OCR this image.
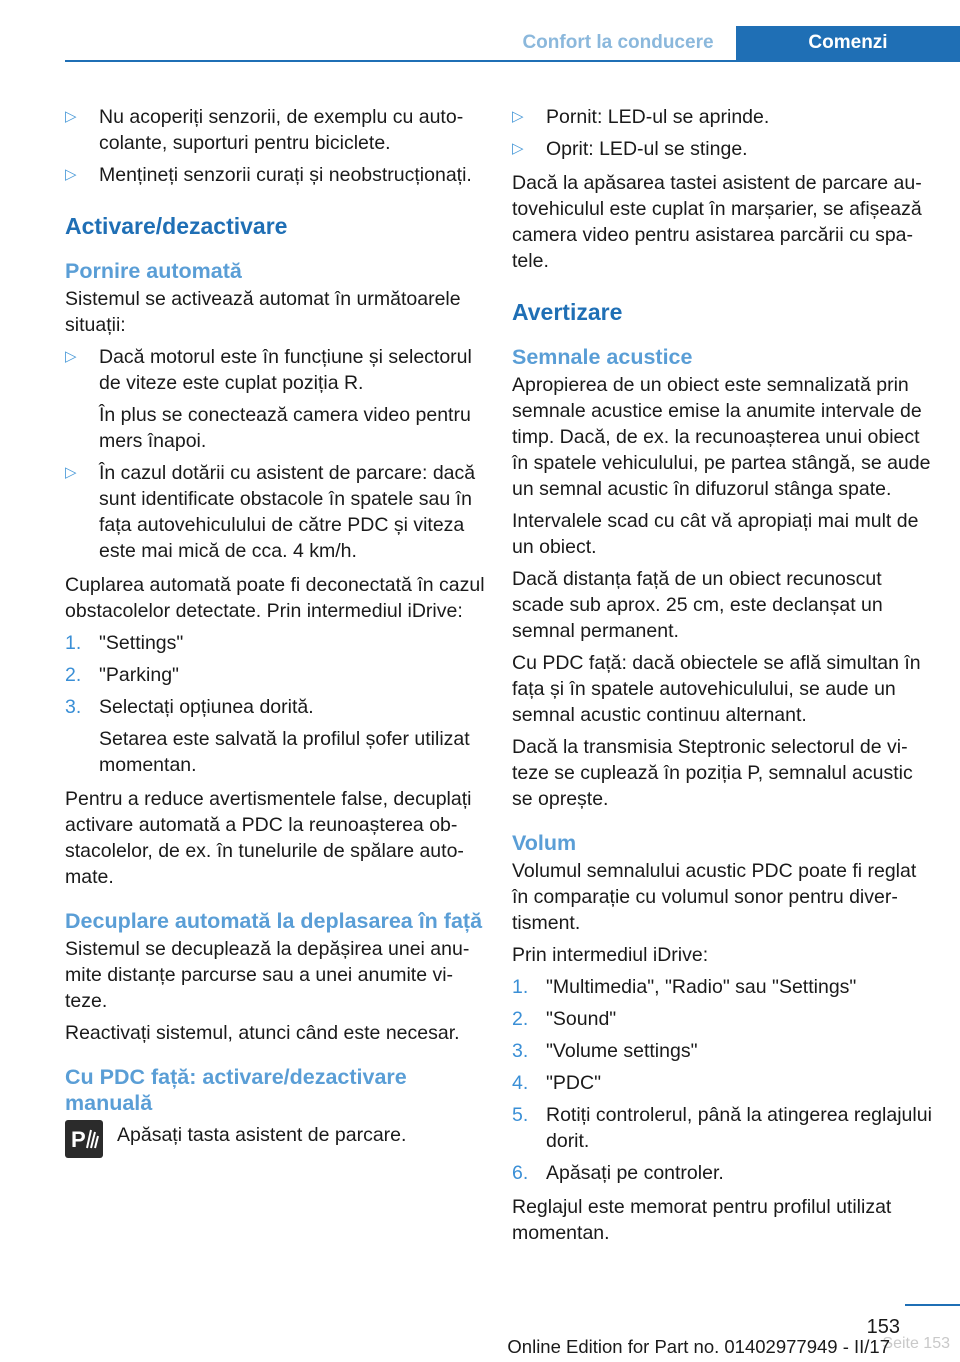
Confort la conducere	Comenzi
▷ Nu acoperiți senzorii, de exemplu cu autocolante, suporturi pentru biciclete.
▷ Mențineți senzorii curați și neobstrucționați.
Activare/dezactivare
Pornire automată

Sistemul se activează automat în următoarele situații:

▷ Dacă motorul este în funcțiune și selectorul de viteze este cuplat poziția R.
În plus se conectează camera video pentru mers înapoi.
▷ În cazul dotării cu asistent de parcare: dacă sunt identificate obstacole în spatele sau în fața autovehiculului de către PDC și viteza este mai mică de cca. 4 km/h.

Cuplarea automată poate fi deconectată în cazul obstacolelor detectate. Prin intermediul iDrive:

1. "Settings"
2. "Parking"
3. Selectați opțiunea dorită.
Setarea este salvată la profilul șofer utilizat momentan.

Pentru a reduce avertismentele false, decuplați activare automată a PDC la reunoașterea obstacolelor, de ex. în tunelurile de spălare automate.

Decuplare automată la deplasarea în față

Sistemul se decuplează la depășirea unei anumite distanțe parcurse sau a unei anumite viteze.

Reactivați sistemul, atunci când este necesar.

Cu PDC față: activare/dezactivare manuală
P Apăsați tasta asistent de parcare.

▷ Pornit: LED-ul se aprinde.
▷ Oprit: LED-ul se stinge.

Dacă la apăsarea tastei asistent de parcare autovehiculul este cuplat în marșarier, se afișează camera video pentru asistarea parcării cu spatele.

Avertizare
Semnale acustice

Apropierea de un obiect este semnalizată prin semnale acustice emise la anumite intervale de timp. Dacă, de ex. la recunoașterea unui obiect în spatele vehiculului, pe partea stângă, se aude un semnal acustic în difuzorul stânga spate.

Intervalele scad cu cât vă apropiați mai mult de un obiect.

Dacă distanța față de un obiect recunoscut scade sub aprox. 25 cm, este declanșat un semnal permanent.

Cu PDC față: dacă obiectele se află simultan în fața și în spatele autovehiculului, se aude un semnal acustic continuu alternant.

Dacă la transmisia Steptronic selectorul de viteze se cuplează în poziția P, semnalul acustic se oprește.

Volum

Volumul semnalului acustic PDC poate fi reglat în comparație cu volumul sonor pentru divertisment.

Prin intermediul iDrive:

1. "Multimedia", "Radio" sau "Settings"
2. "Sound"
3. "Volume settings"
4. "PDC"
5. Rotiți controlerul, până la atingerea reglajului dorit.
6. Apăsați pe controler.

Reglajul este memorat pentru profilul utilizat momentan.

153
Seite 153
Online Edition for Part no. 01402977949 - II/17
